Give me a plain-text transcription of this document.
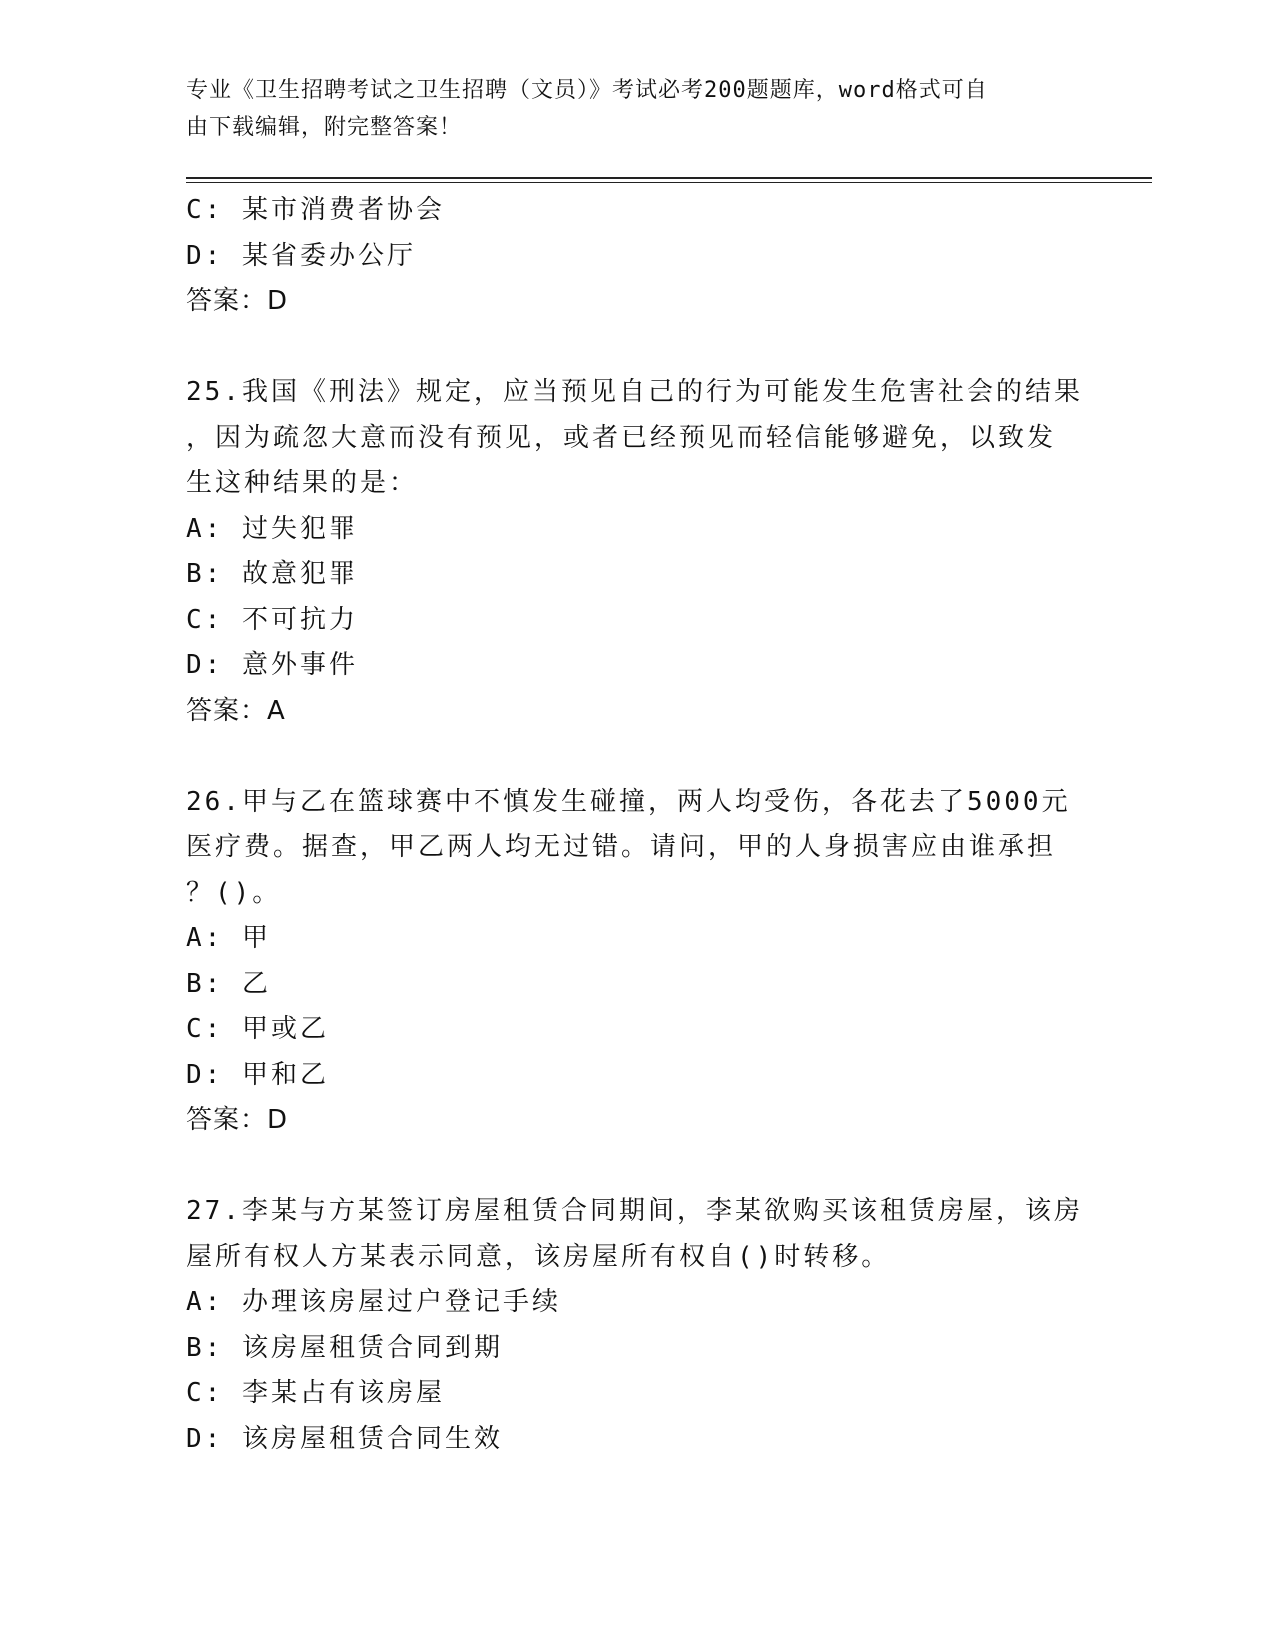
专业《卫生招聘考试之卫生招聘（文员）》考试必考200题题库，word格式可自
由下载编辑，附完整答案！
C: 某市消费者协会
D: 某省委办公厅
答案：D
25.我国《刑法》规定，应当预见自己的行为可能发生危害社会的结果
，因为疏忽大意而没有预见，或者已经预见而轻信能够避免，以致发
生这种结果的是：
A: 过失犯罪
B: 故意犯罪
C: 不可抗力
D: 意外事件
答案：A
26.甲与乙在篮球赛中不慎发生碰撞，两人均受伤，各花去了5000元
医疗费。据查，甲乙两人均无过错。请问，甲的人身损害应由谁承担
？()。
A: 甲
B: 乙
C: 甲或乙
D: 甲和乙
答案：D
27.李某与方某签订房屋租赁合同期间，李某欲购买该租赁房屋，该房
屋所有权人方某表示同意，该房屋所有权自()时转移。
A: 办理该房屋过户登记手续
B: 该房屋租赁合同到期
C: 李某占有该房屋
D: 该房屋租赁合同生效
